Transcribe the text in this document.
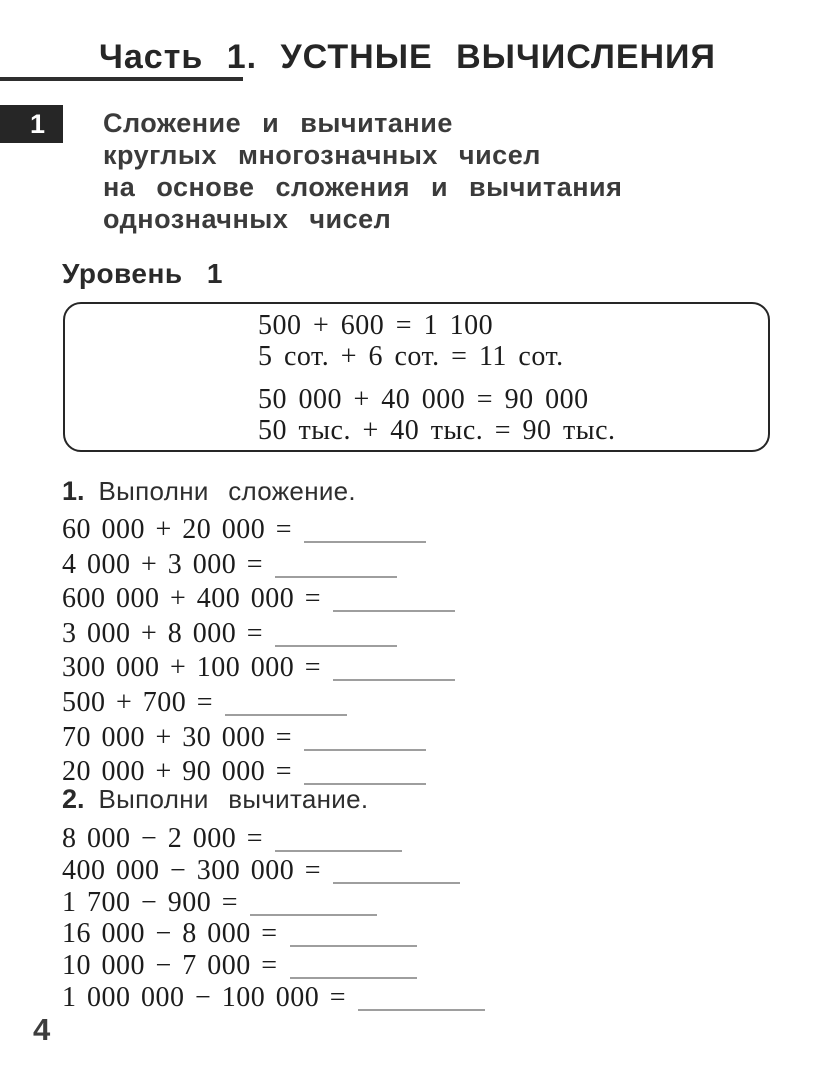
Часть 1. УСТНЫЕ ВЫЧИСЛЕНИЯ
1 Сложение и вычитание
круглых многозначных чисел
на основе сложения и вычитания
однозначных чисел
Уровень 1
500 + 600 = 1 100
5 сот. + 6 сот. = 11 сот.
50 000 + 40 000 = 90 000
50 тыс. + 40 тыс. = 90 тыс.
1. Выполни сложение.
60 000 + 20 000 =
4 000 + 3 000 =
600 000 + 400 000 =
3 000 + 8 000 =
300 000 + 100 000 =
500 + 700 =
70 000 + 30 000 =
20 000 + 90 000 =
2. Выполни вычитание.
8 000 − 2 000 =
400 000 − 300 000 =
1 700 − 900 =
16 000 − 8 000 =
10 000 − 7 000 =
1 000 000 − 100 000 =
4
